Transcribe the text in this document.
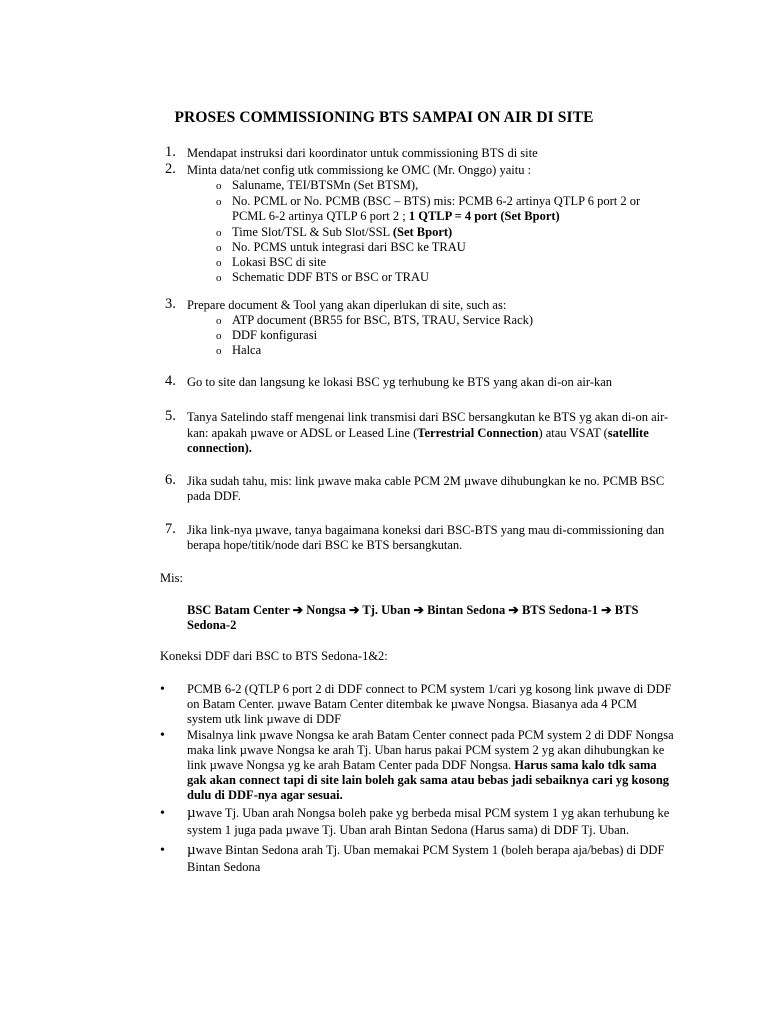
PROSES COMMISSIONING BTS SAMPAI ON AIR DI SITE
1. Mendapat instruksi dari koordinator untuk commissioning BTS di site
2. Minta data/net config utk commissiong ke OMC (Mr. Onggo) yaitu :
o Saluname, TEI/BTSMn (Set BTSM),
o No. PCML or No. PCMB (BSC – BTS) mis: PCMB 6-2 artinya QTLP 6 port 2 or
PCML 6-2 artinya QTLP 6 port 2 ; 1 QTLP = 4 port (Set Bport)
o Time Slot/TSL & Sub Slot/SSL (Set Bport)
o No. PCMS untuk integrasi dari BSC ke TRAU
o Lokasi BSC di site
o Schematic DDF BTS or BSC or TRAU
3. Prepare document & Tool yang akan diperlukan di site, such as:
o ATP document (BR55 for BSC, BTS, TRAU, Service Rack)
o DDF konfigurasi
o Halca
4. Go to site dan langsung ke lokasi BSC yg terhubung ke BTS yang akan di-on air-kan
5. Tanya Satelindo staff mengenai link transmisi dari BSC bersangkutan ke BTS yg akan di-on air-
kan: apakah µwave or ADSL or Leased Line (Terrestrial Connection) atau VSAT (satellite
connection).
6. Jika sudah tahu, mis: link µwave maka cable PCM 2M µwave dihubungkan ke no. PCMB BSC
pada DDF.
7. Jika link-nya µwave, tanya bagaimana koneksi dari BSC-BTS yang mau di-commissioning dan
berapa hope/titik/node dari BSC ke BTS bersangkutan.
Mis:
BSC Batam Center ➔ Nongsa ➔ Tj. Uban ➔ Bintan Sedona ➔ BTS Sedona-1 ➔ BTS
Sedona-2
Koneksi DDF dari BSC to BTS Sedona-1&2:
• PCMB 6-2 (QTLP 6 port 2 di DDF connect to PCM system 1/cari yg kosong link µwave di DDF
on Batam Center. µwave Batam Center ditembak ke µwave Nongsa. Biasanya ada 4 PCM
system utk link µwave di DDF
• Misalnya link µwave Nongsa ke arah Batam Center connect pada PCM system 2 di DDF Nongsa
maka link µwave Nongsa ke arah Tj. Uban harus pakai PCM system 2 yg akan dihubungkan ke
link µwave Nongsa yg ke arah Batam Center pada DDF Nongsa. Harus sama kalo tdk sama
gak akan connect tapi di site lain boleh gak sama atau bebas jadi sebaiknya cari yg kosong
dulu di DDF-nya agar sesuai.
• µwave Tj. Uban arah Nongsa boleh pake yg berbeda misal PCM system 1 yg akan terhubung ke
system 1 juga pada µwave Tj. Uban arah Bintan Sedona (Harus sama) di DDF Tj. Uban.
• µwave Bintan Sedona arah Tj. Uban memakai PCM System 1 (boleh berapa aja/bebas) di DDF
Bintan Sedona
